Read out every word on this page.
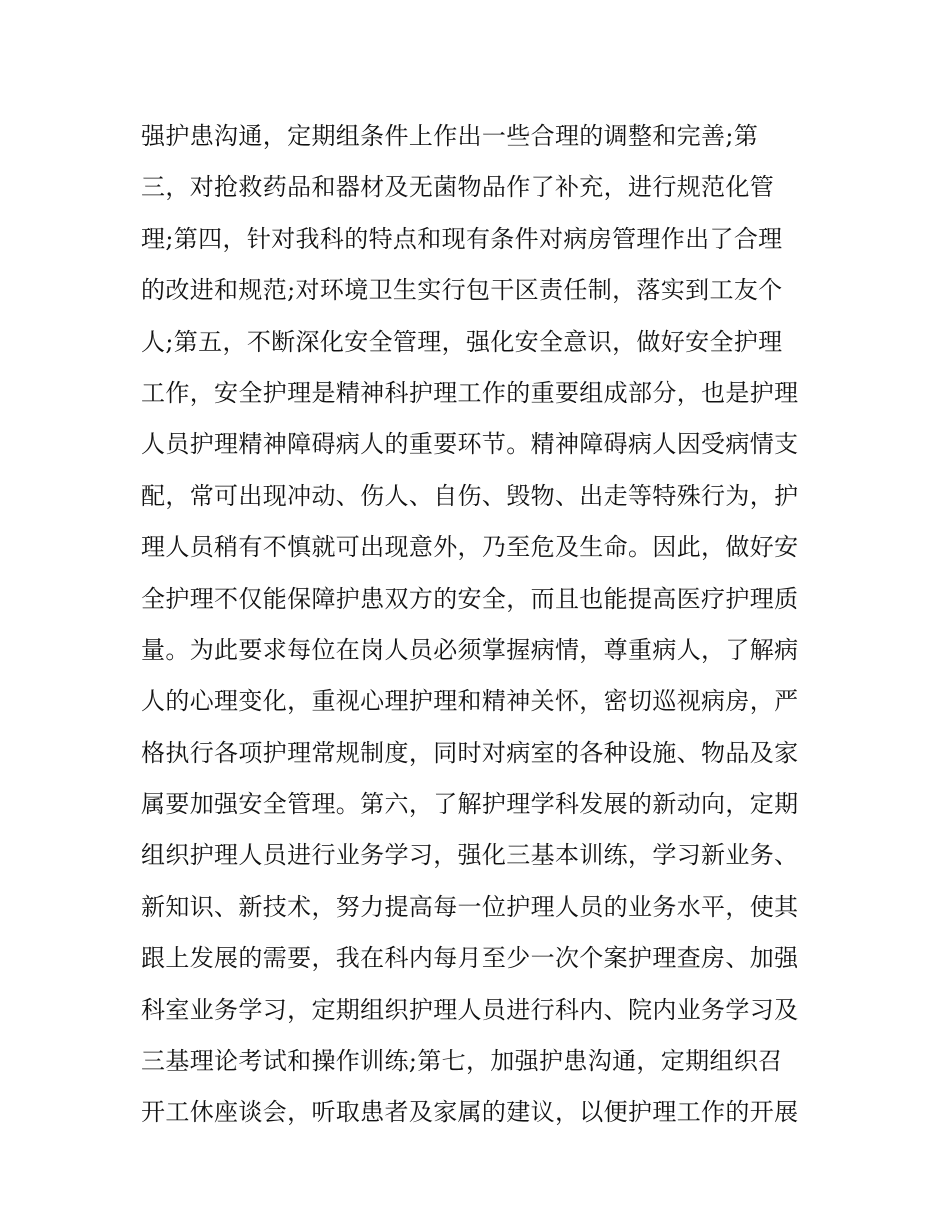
强护患沟通，定期组条件上作出一些合理的调整和完善;第
三，对抢救药品和器材及无菌物品作了补充，进行规范化管
理;第四，针对我科的特点和现有条件对病房管理作出了合理
的改进和规范;对环境卫生实行包干区责任制，落实到工友个
人;第五，不断深化安全管理，强化安全意识，做好安全护理
工作，安全护理是精神科护理工作的重要组成部分，也是护理
人员护理精神障碍病人的重要环节。精神障碍病人因受病情支
配，常可出现冲动、伤人、自伤、毁物、出走等特殊行为，护
理人员稍有不慎就可出现意外，乃至危及生命。因此，做好安
全护理不仅能保障护患双方的安全，而且也能提高医疗护理质
量。为此要求每位在岗人员必须掌握病情，尊重病人，了解病
人的心理变化，重视心理护理和精神关怀，密切巡视病房，严
格执行各项护理常规制度，同时对病室的各种设施、物品及家
属要加强安全管理。第六，了解护理学科发展的新动向，定期
组织护理人员进行业务学习，强化三基本训练，学习新业务、
新知识、新技术，努力提高每一位护理人员的业务水平，使其
跟上发展的需要，我在科内每月至少一次个案护理查房、加强
科室业务学习，定期组织护理人员进行科内、院内业务学习及
三基理论考试和操作训练;第七，加强护患沟通，定期组织召
开工休座谈会，听取患者及家属的建议，以便护理工作的开展
